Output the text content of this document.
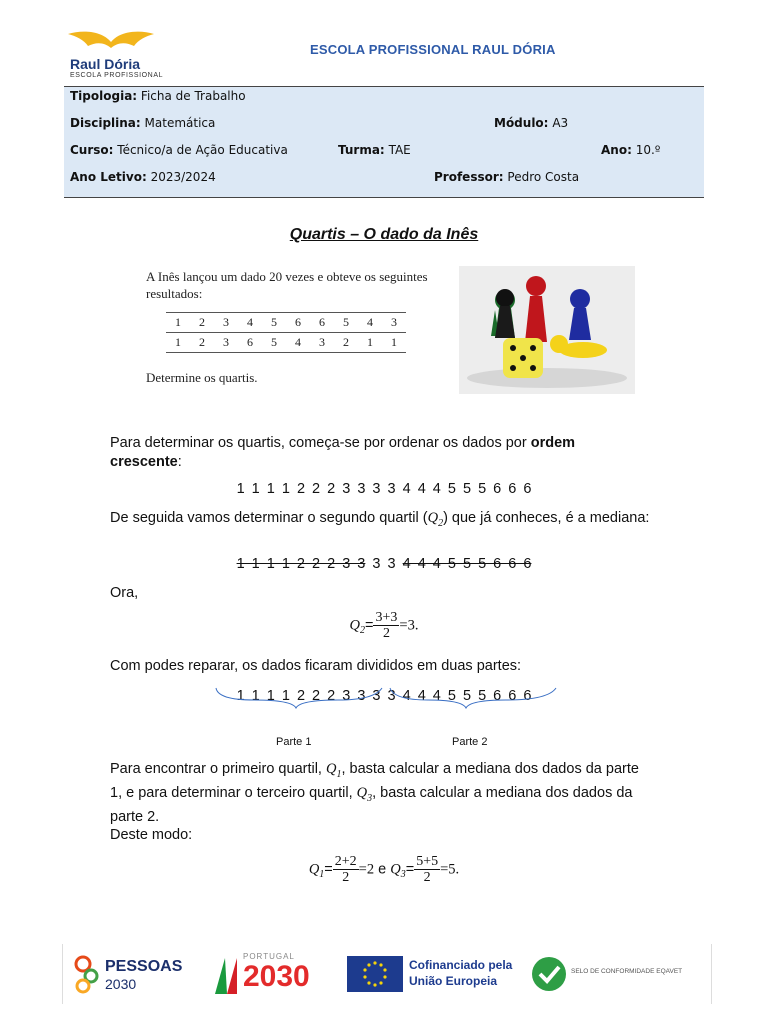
Raul Dória
ESCOLA PROFISSIONAL
ESCOLA PROFISSIONAL RAUL DÓRIA
Tipologia: Ficha de Trabalho
Disciplina: Matemática	Módulo: A3
Curso: Técnico/a de Ação Educativa	Turma: TAE	Ano: 10.º
Ano Letivo: 2023/2024	Professor: Pedro Costa
Quartis – O dado da Inês
A Inês lançou um dado 20 vezes e obteve os seguintes resultados:
1	2	3	4	5	6	6	5	4	3
1	2	3	6	5	4	3	2	1	1
Determine os quartis.
Para determinar os quartis, começa-se por ordenar os dados por ordem crescente:
1 1 1 1 2 2 2 3 3 3 3 4 4 4 5 5 5 6 6 6
De seguida vamos determinar o segundo quartil $(Q_2)$ que já conheces, é a mediana:
1 1 1 1 2 2 2 3 3 3 3 4 4 4 5 5 5 6 6 6
Ora,
$Q_2= \frac{3+3}{2} =3$.
Com podes reparar, os dados ficaram divididos em duas partes:
1 1 1 1 2 2 2 3 3 3 3 4 4 4 5 5 5 6 6 6
Parte 1	Parte 2
Para encontrar o primeiro quartil, $Q_1$, basta calcular a mediana dos dados da parte 1, e para determinar o terceiro quartil, $Q_3$, basta calcular a mediana dos dados da parte 2.
Deste modo:
$Q_1= \frac{2+2}{2} =2$ e $Q_3= \frac{5+5}{2} =5$.
PESSOAS
2030
PORTUGAL
2030	Cofinanciado pela
União Europeia
SELO DE CONFORMIDADE EQAVET
